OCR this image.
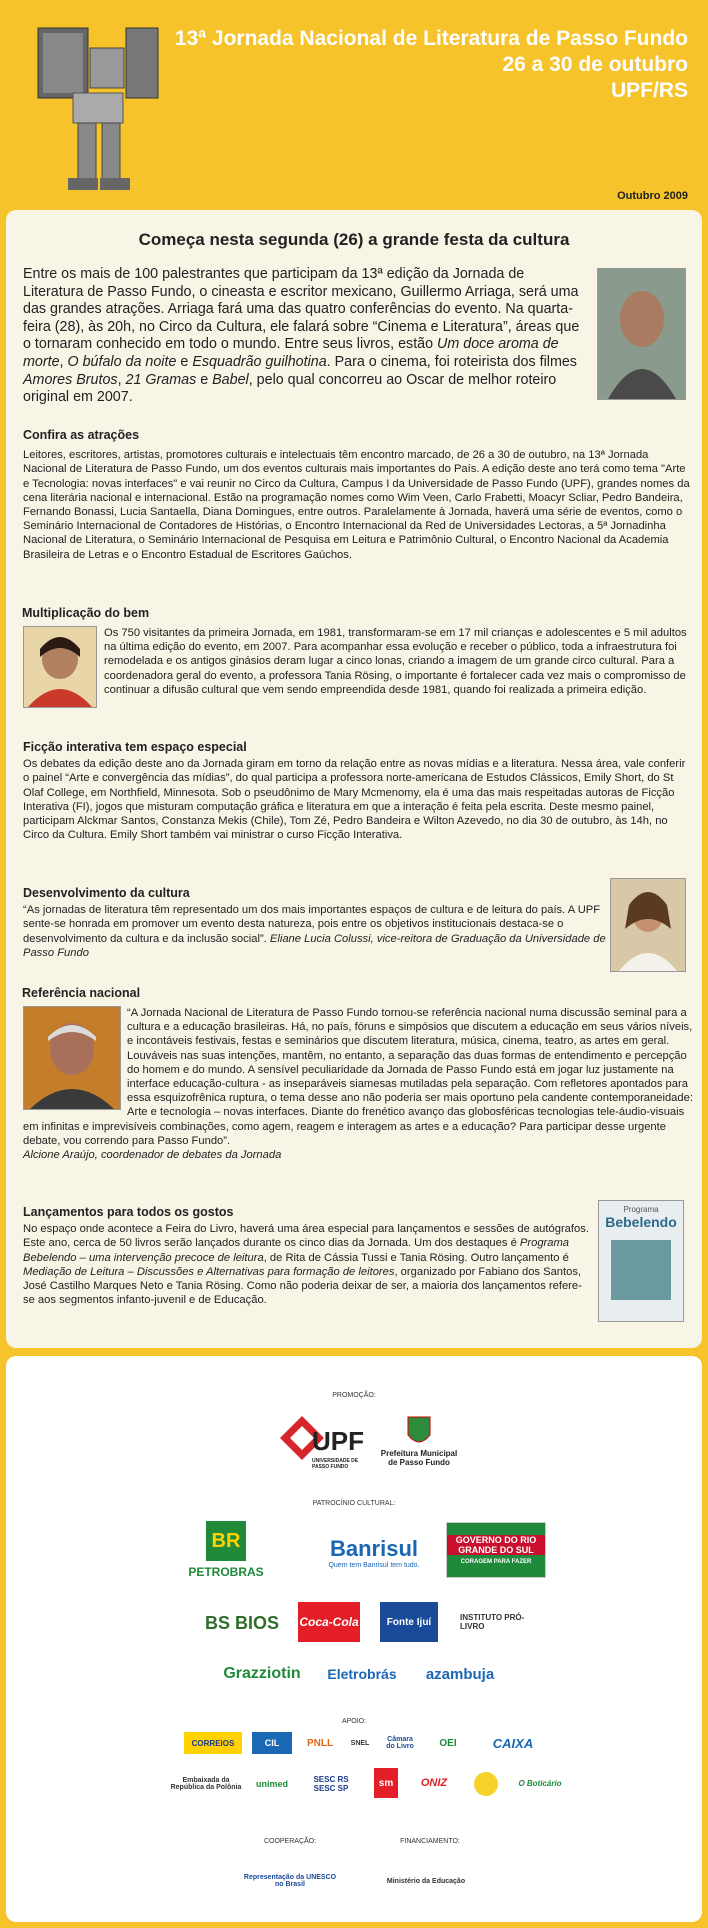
13ª Jornada Nacional de Literatura de Passo Fundo
26 a 30 de outubro
UPF/RS
Outubro 2009
Começa nesta segunda (26) a grande festa da cultura
Entre os mais de 100 palestrantes que participam da 13ª edição da Jornada de Literatura de Passo Fundo, o cineasta e escritor mexicano, Guillermo Arriaga, será uma das grandes atrações. Arriaga fará uma das quatro conferências do evento. Na quarta-feira (28), às 20h, no Circo da Cultura, ele falará sobre “Cinema e Literatura”, áreas que o tornaram conhecido em todo o mundo. Entre seus livros, estão Um doce aroma de morte, O búfalo da noite e Esquadrão guilhotina. Para o cinema, foi roteirista dos filmes Amores Brutos, 21 Gramas e Babel, pelo qual concorreu ao Oscar de melhor roteiro original em 2007.
Confira as atrações
Leitores, escritores, artistas, promotores culturais e intelectuais têm encontro marcado, de 26 a 30 de outubro, na 13ª Jornada Nacional de Literatura de Passo Fundo, um dos eventos culturais mais importantes do País. A edição deste ano terá como tema "Arte e Tecnologia: novas interfaces" e vai reunir no Circo da Cultura, Campus I da Universidade de Passo Fundo (UPF), grandes nomes da cena literária nacional e internacional. Estão na programação nomes como Wim Veen, Carlo Frabetti, Moacyr Scliar, Pedro Bandeira, Fernando Bonassi, Lucia Santaella, Diana Domingues, entre outros. Paralelamente à Jornada, haverá uma série de eventos, como o Seminário Internacional de Contadores de Histórias, o Encontro Internacional da Red de Universidades Lectoras, a 5ª Jornadinha Nacional de Literatura, o Seminário Internacional de Pesquisa em Leitura e Patrimônio Cultural, o Encontro Nacional da Academia Brasileira de Letras e o Encontro Estadual de Escritores Gaúchos.
Multiplicação do bem
Os 750 visitantes da primeira Jornada, em 1981, transformaram-se em 17 mil crianças e adolescentes e 5 mil adultos na última edição do evento, em 2007. Para acompanhar essa evolução e receber o público, toda a infraestrutura foi remodelada e os antigos ginásios deram lugar a cinco lonas, criando a imagem de um grande circo cultural. Para a coordenadora geral do evento, a professora Tania Rösing, o importante é fortalecer cada vez mais o compromisso de continuar a difusão cultural que vem sendo empreendida desde 1981, quando foi realizada a primeira edição.
Ficção interativa tem espaço especial
Os debates da edição deste ano da Jornada giram em torno da relação entre as novas mídias e a literatura. Nessa área, vale conferir o painel “Arte e convergência das mídias”, do qual participa a professora norte-americana de Estudos Clássicos, Emily Short, do St Olaf College, em Northfield, Minnesota. Sob o pseudônimo de Mary Mcmenomy, ela é uma das mais respeitadas autoras de Ficção Interativa (FI), jogos que misturam computação gráfica e literatura em que a interação é feita pela escrita. Deste mesmo painel, participam Alckmar Santos, Constanza Mekis (Chile), Tom Zé, Pedro Bandeira e Wilton Azevedo, no dia 30 de outubro, às 14h, no Circo da Cultura. Emily Short também vai ministrar o curso Ficção Interativa.
Desenvolvimento da cultura
“As jornadas de literatura têm representado um dos mais importantes espaços de cultura e de leitura do país. A UPF sente-se honrada em promover um evento desta natureza, pois entre os objetivos institucionais destaca-se o desenvolvimento da cultura e da inclusão social”. Eliane Lucia Colussi, vice-reitora de Graduação da Universidade de Passo Fundo
Referência nacional
“A Jornada Nacional de Literatura de Passo Fundo tornou-se referência nacional numa discussão seminal para a cultura e a educação brasileiras. Há, no país, fóruns e simpósios que discutem a educação em seus vários níveis, e incontáveis festivais, festas e seminários que discutem literatura, música, cinema, teatro, as artes em geral. Louváveis nas suas intenções, mantêm, no entanto, a separação das duas formas de entendimento e percepção do homem e do mundo. A sensível peculiaridade da Jornada de Passo Fundo está em jogar luz justamente na interface educação-cultura - as inseparáveis siamesas mutiladas pela separação. Com refletores apontados para essa esquizofrênica ruptura, o tema desse ano não poderia ser mais oportuno pela candente contemporaneidade: Arte e tecnologia – novas interfaces. Diante do frenético avanço das globosféricas tecnologias tele-áudio-visuais em infinitas e imprevisíveis combinações, como agem, reagem e interagem as artes e a educação? Para participar desse urgente debate, vou correndo para Passo Fundo”.
Alcione Araújo, coordenador de debates da Jornada
Lançamentos para todos os gostos
No espaço onde acontece a Feira do Livro, haverá uma área especial para lançamentos e sessões de autógrafos. Este ano, cerca de 50 livros serão lançados durante os cinco dias da Jornada. Um dos destaques é Programa Bebelendo – uma intervenção precoce de leitura, de Rita de Cássia Tussi e Tania Rösing. Outro lançamento é Mediação de Leitura – Discussões e Alternativas para formação de leitores, organizado por Fabiano dos Santos, José Castilho Marques Neto e Tania Rösing. Como não poderia deixar de ser, a maioria dos lançamentos refere-se aos segmentos infanto-juvenil e de Educação.
Programa
Bebelendo
PROMOÇÃO:
UPF
UNIVERSIDADE DE PASSO FUNDO
Prefeitura Municipal de Passo Fundo
PATROCÍNIO CULTURAL:
BR
PETROBRAS
Banrisul
Quem tem Banrisul tem tudo.
GOVERNO DO RIO GRANDE DO SUL
CORAGEM PARA FAZER
BS BIOS Coca-Cola	Fonte Ijuí	INSTITUTO PRÓ-LIVRO
Grazziotin	Eletrobrás	azambuja
APOIO:
CORREIOS	CIL	PNLL	SNEL	Câmara do Livro	OEI	CAIXA
Embaixada da República da Polônia	unimed	SESC RS SESC SP	sm	ONIZ	O Boticário
COOPERAÇÃO:	FINANCIAMENTO:
Representação da UNESCO no Brasil	Ministério da Educação
